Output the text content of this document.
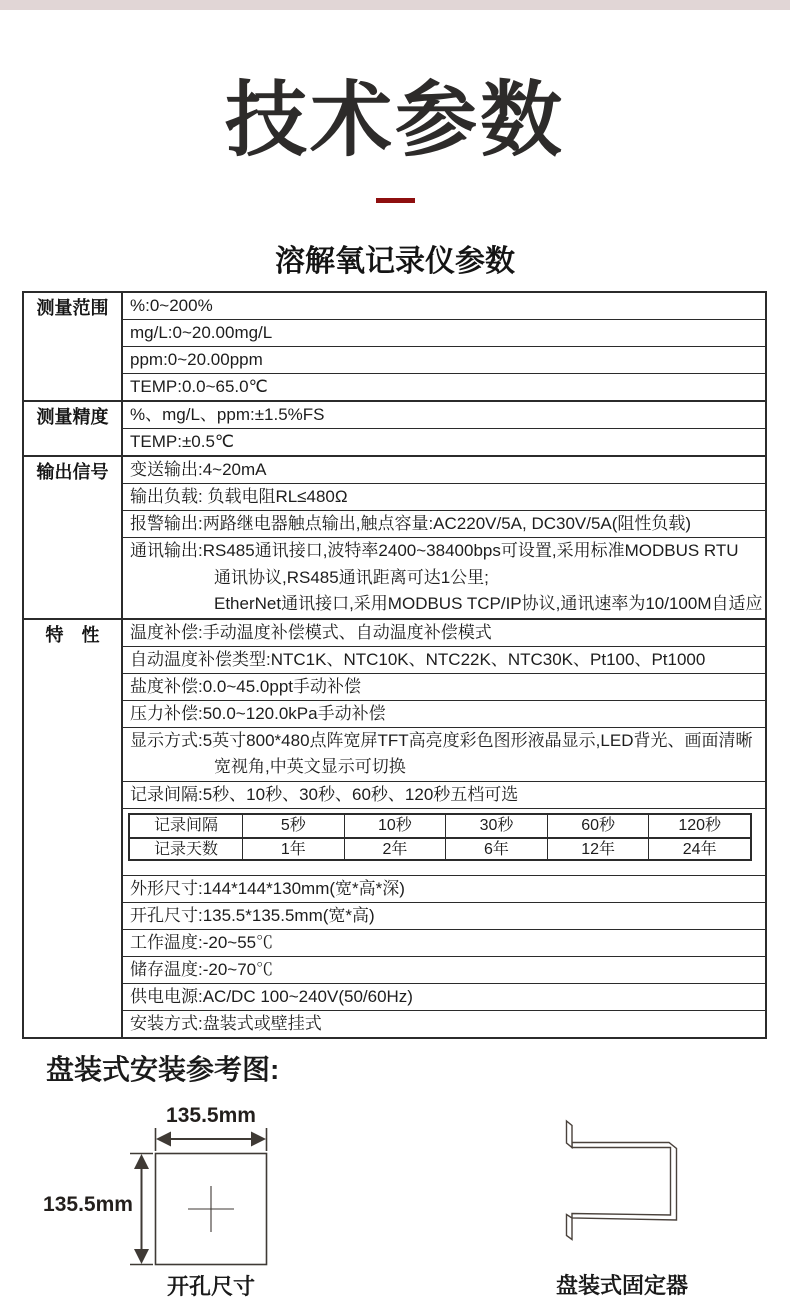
技术参数
溶解氧记录仪参数
测量范围	%:0~200%
mg/L:0~20.00mg/L
ppm:0~20.00ppm
TEMP:0.0~65.0℃
测量精度	%、mg/L、ppm:±1.5%FS
TEMP:±0.5℃
输出信号	变送输出:4~20mA
输出负载: 负载电阻RL≤480Ω
报警输出:两路继电器触点输出,触点容量:AC220V/5A, DC30V/5A(阻性负载)
通讯输出:RS485通讯接口,波特率2400~38400bps可设置,采用标准MODBUS RTU
通讯协议,RS485通讯距离可达1公里;
EtherNet通讯接口,采用MODBUS TCP/IP协议,通讯速率为10/100M自适应
特　性	温度补偿:手动温度补偿模式、自动温度补偿模式
自动温度补偿类型:NTC1K、NTC10K、NTC22K、NTC30K、Pt100、Pt1000
盐度补偿:0.0~45.0ppt手动补偿
压力补偿:50.0~120.0kPa手动补偿
显示方式:5英寸800*480点阵宽屏TFT高亮度彩色图形液晶显示,LED背光、画面清晰
宽视角,中英文显示可切换
记录间隔:5秒、10秒、30秒、60秒、120秒五档可选
记录间隔	5秒	10秒	30秒	60秒	120秒
记录天数	1年	2年	6年	12年	24年
外形尺寸:144*144*130mm(宽*高*深)
开孔尺寸:135.5*135.5mm(宽*高)
工作温度:-20~55℃
储存温度:-20~70℃
供电电源:AC/DC 100~240V(50/60Hz)
安装方式:盘装式或壁挂式
盘装式安装参考图:
135.5mm
135.5mm
开孔尺寸	盘装式固定器
